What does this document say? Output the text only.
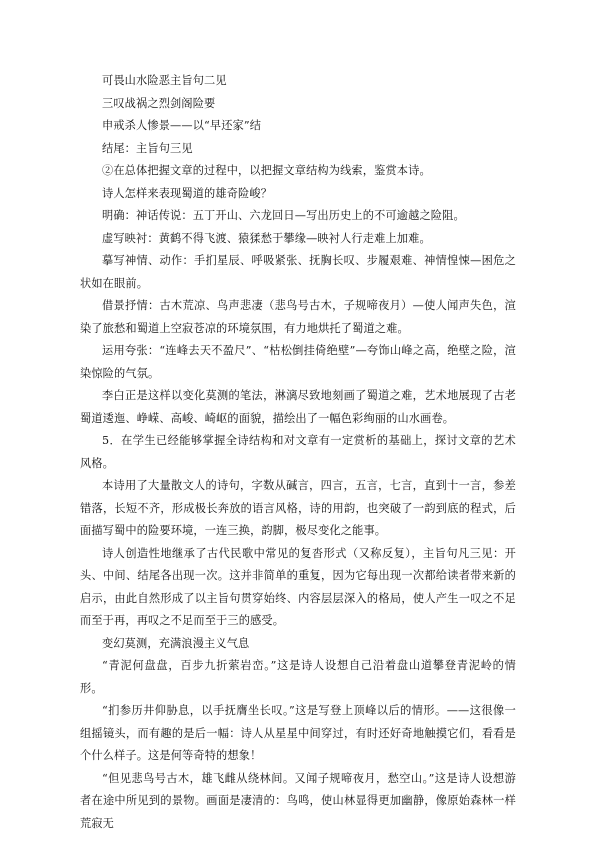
可畏山水险恶主旨句二见

三叹战祸之烈剑阁险要

申戒杀人惨景——以“早还家”结

结尾：主旨句三见

②在总体把握文章的过程中，以把握文章结构为线索，鉴赏本诗。

诗人怎样来表现蜀道的雄奇险峻？

明确：神话传说：五丁开山、六龙回日—写出历史上的不可逾越之险阻。

虚写映衬：黄鹤不得飞渡、猿猱愁于攀缘—映衬人行走难上加难。

摹写神情、动作：手扪星辰、呼吸紧张、抚胸长叹、步履艰难、神情惶悚—困危之状如在眼前。

借景抒情：古木荒凉、鸟声悲凄（悲鸟号古木，子规啼夜月）—使人闻声失色，渲染了旅愁和蜀道上空寂苍凉的环境氛围，有力地烘托了蜀道之难。

运用夸张：“连峰去天不盈尺”、“枯松倒挂倚绝壁”—夸饰山峰之高，绝壁之险，渲染惊险的气氛。

李白正是这样以变化莫测的笔法，淋漓尽致地刻画了蜀道之难，艺术地展现了古老蜀道逶迤、峥嵘、高峻、崎岖的面貌，描绘出了一幅色彩绚丽的山水画卷。

5．在学生已经能够掌握全诗结构和对文章有一定赏析的基础上，探讨文章的艺术风格。

本诗用了大量散文人的诗句，字数从碱言，四言，五言，七言，直到十一言，参差错落，长短不齐，形成极长奔放的语言风格，诗的用韵，也突破了一韵到底的程式，后面描写蜀中的险要环境，一连三换，韵脚，极尽变化之能事。

诗人创造性地继承了古代民歌中常见的复沓形式（又称反复），主旨句凡三见：开头、中间、结尾各出现一次。这并非简单的重复，因为它每出现一次都给读者带来新的启示，由此自然形成了以主旨句贯穿始终、内容层层深入的格局，使人产生一叹之不足而至于再，再叹之不足而至于三的感受。

变幻莫测，充满浪漫主义气息

“青泥何盘盘，百步九折萦岩峦。”这是诗人设想自己沿着盘山道攀登青泥岭的情形。

“扪参历井仰胁息，以手抚膺坐长叹。”这是写登上顶峰以后的情形。——这很像一组摇镜头，而有趣的是后一幅：诗人从星星中间穿过，有时还好奇地触摸它们，看看是个什么样子。这是何等奇特的想象！

“但见悲鸟号古木，雄飞雌从绕林间。又闻子规啼夜月，愁空山。”这是诗人设想游者在途中所见到的景物。画面是凄清的：鸟鸣，使山林显得更加幽静，像原始森林一样荒寂无
